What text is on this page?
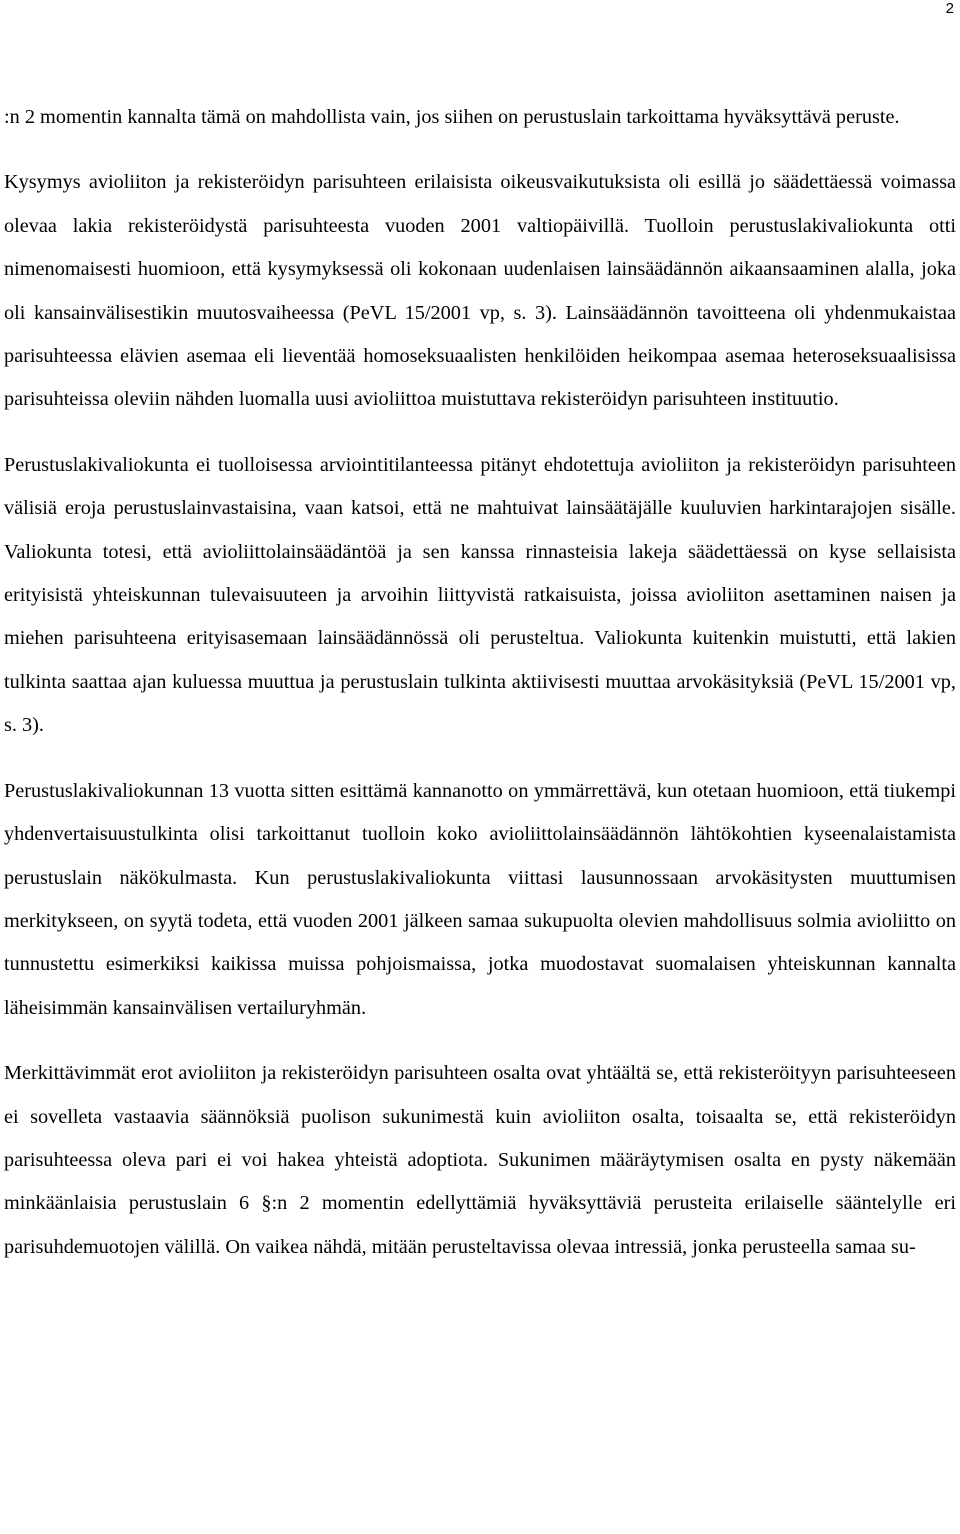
2

:n 2 momentin kannalta tämä on mahdollista vain, jos siihen on perustuslain tarkoittama hyväksyttävä peruste.

Kysymys avioliiton ja rekisteröidyn parisuhteen erilaisista oikeusvaikutuksista oli esillä jo säädettäessä voimassa olevaa lakia rekisteröidystä parisuhteesta vuoden 2001 valtiopäivillä. Tuolloin perustuslakivaliokunta otti nimenomaisesti huomioon, että kysymyksessä oli kokonaan uudenlaisen lainsäädännön aikaansaaminen alalla, joka oli kansainvälisestikin muutosvaiheessa (PeVL 15/2001 vp, s. 3). Lainsäädännön tavoitteena oli yhdenmukaistaa parisuhteessa elävien asemaa eli lieventää homoseksuaalisten henkilöiden heikompaa asemaa heteroseksuaalisissa parisuhteissa oleviin nähden luomalla uusi avioliittoa muistuttava rekisteröidyn parisuhteen instituutio.

Perustuslakivaliokunta ei tuolloisessa arviointitilanteessa pitänyt ehdotettuja avioliiton ja rekisteröidyn parisuhteen välisiä eroja perustuslainvastaisina, vaan katsoi, että ne mahtuivat lainsäätäjälle kuuluvien harkintarajojen sisälle. Valiokunta totesi, että avioliittolainsäädäntöä ja sen kanssa rinnasteisia lakeja säädettäessä on kyse sellaisista erityisistä yhteiskunnan tulevaisuuteen ja arvoihin liittyvistä ratkaisuista, joissa avioliiton asettaminen naisen ja miehen parisuhteena erityisasemaan lainsäädännössä oli perusteltua. Valiokunta kuitenkin muistutti, että lakien tulkinta saattaa ajan kuluessa muuttua ja perustuslain tulkinta aktiivisesti muuttaa arvokäsityksiä (PeVL 15/2001 vp, s. 3).

Perustuslakivaliokunnan 13 vuotta sitten esittämä kannanotto on ymmärrettävä, kun otetaan huomioon, että tiukempi yhdenvertaisuustulkinta olisi tarkoittanut tuolloin koko avioliittolainsäädännön lähtökohtien kyseenalaistamista perustuslain näkökulmasta. Kun perustuslakivaliokunta viittasi lausunnossaan arvokäsitysten muuttumisen merkitykseen, on syytä todeta, että vuoden 2001 jälkeen samaa sukupuolta olevien mahdollisuus solmia avioliitto on tunnustettu esimerkiksi kaikissa muissa pohjoismaissa, jotka muodostavat suomalaisen yhteiskunnan kannalta läheisimmän kansainvälisen vertailuryhmän.

Merkittävimmät erot avioliiton ja rekisteröidyn parisuhteen osalta ovat yhtäältä se, että rekisteröityyn parisuhteeseen ei sovelleta vastaavia säännöksiä puolison sukunimestä kuin avioliiton osalta, toisaalta se, että rekisteröidyn parisuhteessa oleva pari ei voi hakea yhteistä adoptiota. Sukunimen määräytymisen osalta en pysty näkemään minkäänlaisia perustuslain 6 §:n 2 momentin edellyttämiä hyväksyttäviä perusteita erilaiselle sääntelylle eri parisuhdemuotojen välillä. On vaikea nähdä, mitään perusteltavissa olevaa intressiä, jonka perusteella samaa su-
